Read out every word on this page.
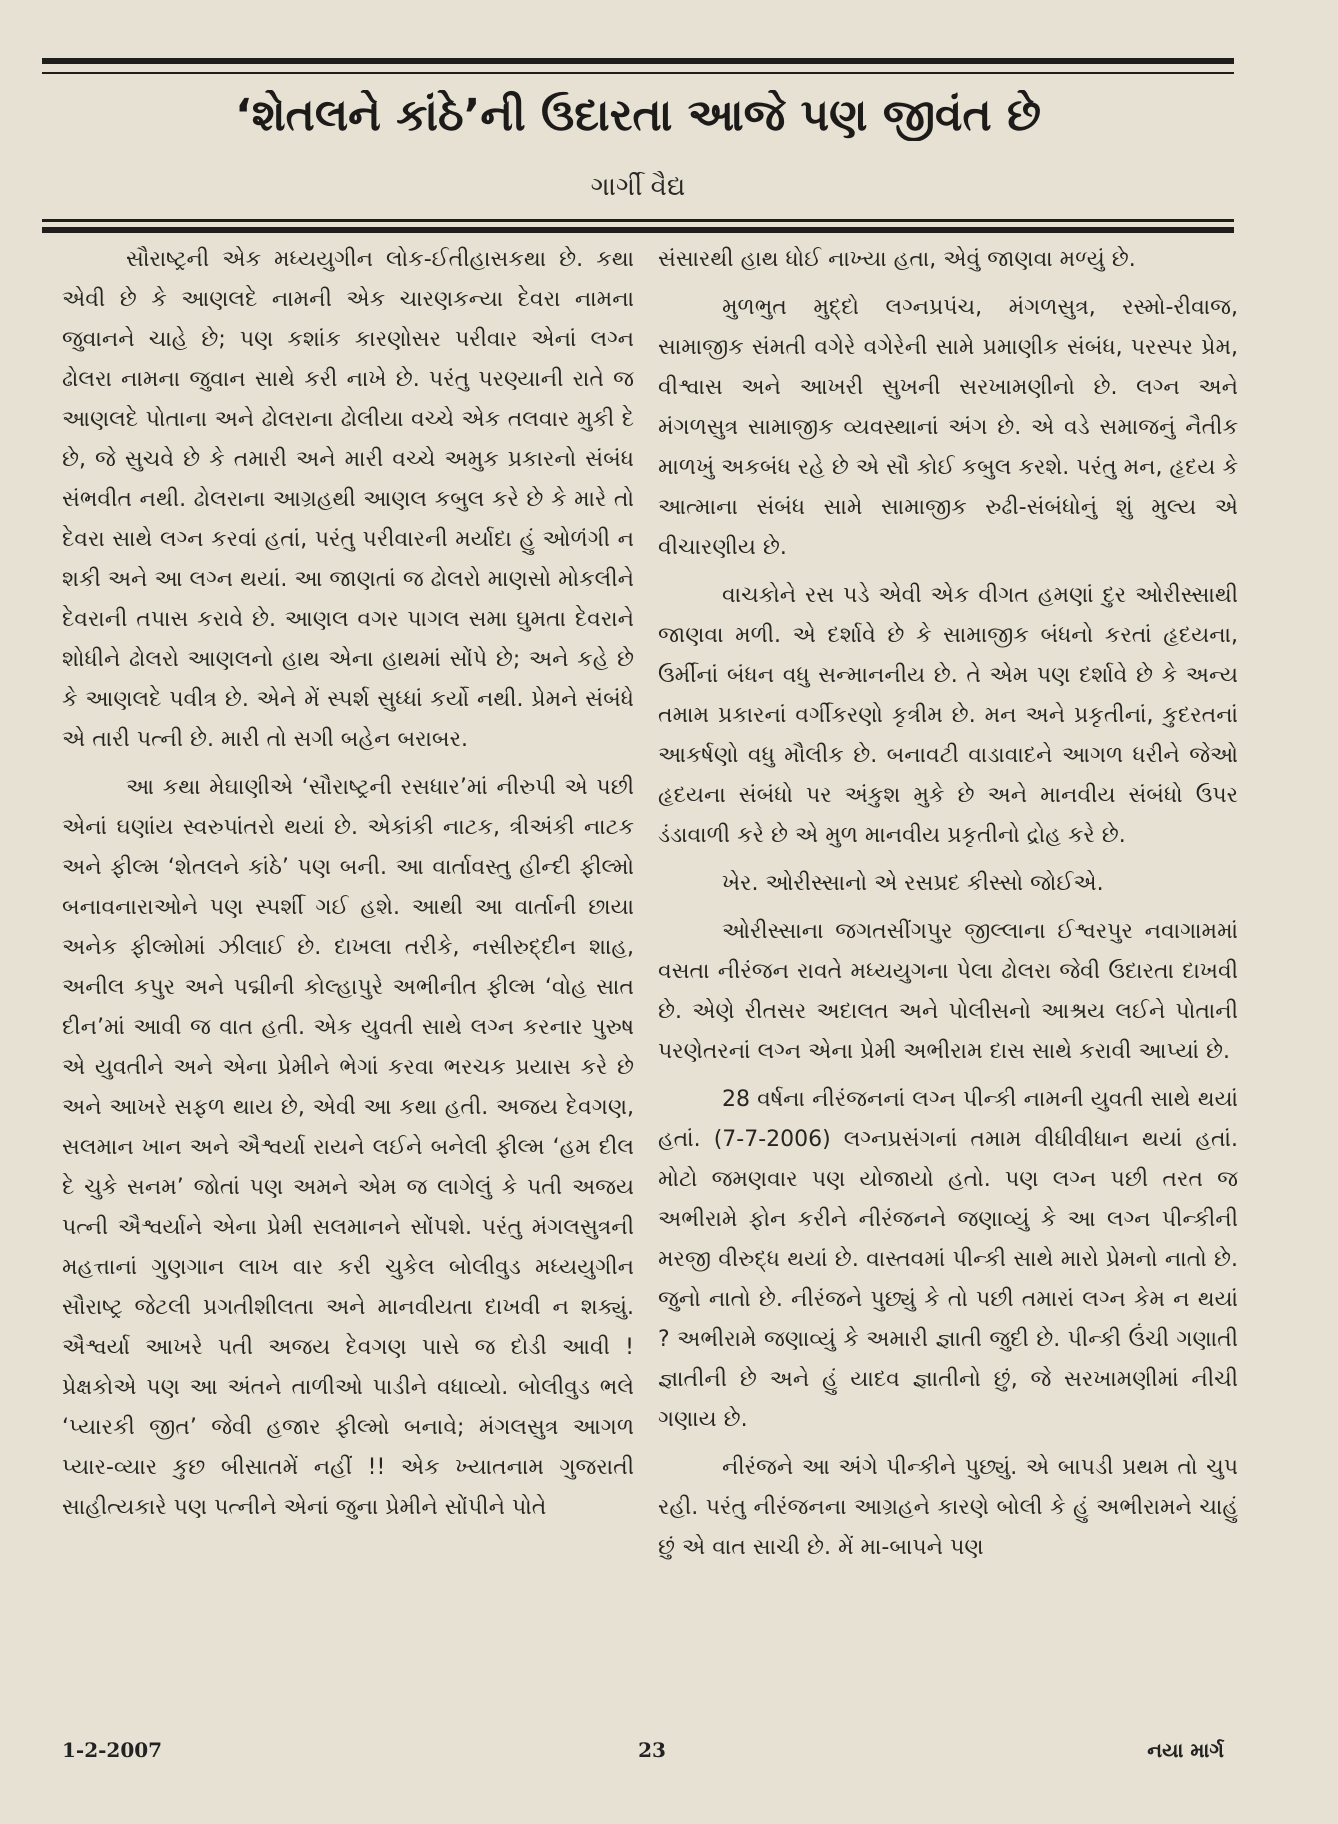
‘શેતલને કાંઠે’ની ઉદારતા આજે પણ જીવંત છે
ગાર્ગી વૈદ્ય

સૌરાષ્ટ્રની એક મધ્યયુગીન લોક-ઈતીહાસકથા છે. કથા એવી છે કે આણલદે નામની એક ચારણકન્યા દેવરા નામના જુવાનને ચાહે છે; પણ કશાંક કારણોસર પરીવાર એનાં લગ્ન ઢોલરા નામના જુવાન સાથે કરી નાખે છે. પરંતુ પરણ્યાની રાતે જ આણલદે પોતાના અને ઢોલરાના ઢોલીયા વચ્ચે એક તલવાર મુકી દે છે, જે સુચવે છે કે તમારી અને મારી વચ્ચે અમુક પ્રકારનો સંબંધ સંભવીત નથી. ઢોલરાના આગ્રહથી આણલ કબુલ કરે છે કે મારે તો દેવરા સાથે લગ્ન કરવાં હતાં, પરંતુ પરીવારની મર્યાદા હું ઓળંગી ન શકી અને આ લગ્ન થયાં. આ જાણતાં જ ઢોલરો માણસો મોકલીને દેવરાની તપાસ કરાવે છે. આણલ વગર પાગલ સમા ઘુમતા દેવરાને શોધીને ઢોલરો આણલનો હાથ એના હાથમાં સોંપે છે; અને કહે છે કે આણલદે પવીત્ર છે. એને મેં સ્પર્શ સુધ્ધાં કર્યો નથી. પ્રેમને સંબંધે એ તારી પત્ની છે. મારી તો સગી બહેન બરાબર.

આ કથા મેઘાણીએ ‘સૌરાષ્ટ્રની રસધાર’માં નીરુપી એ પછી એનાં ઘણાંય સ્વરુપાંતરો થયાં છે. એકાંકી નાટક, ત્રીઅંકી નાટક અને ફીલ્મ ‘શેતલને કાંઠે’ પણ બની. આ વાર્તાવસ્તુ હીન્દી ફીલ્મો બનાવનારાઓને પણ સ્પર્શી ગઈ હશે. આથી આ વાર્તાની છાયા અનેક ફીલ્મોમાં ઝીલાઈ છે. દાખલા તરીકે, નસીરુદ્દીન શાહ, અનીલ કપુર અને પદ્મીની કોલ્હાપુરે અભીનીત ફીલ્મ ‘વોહ સાત દીન’માં આવી જ વાત હતી. એક યુવતી સાથે લગ્ન કરનાર પુરુષ એ યુવતીને અને એના પ્રેમીને ભેગાં કરવા ભરચક પ્રયાસ કરે છે અને આખરે સફળ થાય છે, એવી આ કથા હતી. અજય દેવગણ, સલમાન ખાન અને ઐશ્વર્યા રાયને લઈને બનેલી ફીલ્મ ‘હમ દીલ દે ચુકે સનમ’ જોતાં પણ અમને એમ જ લાગેલું કે પતી અજય પત્ની ઐશ્વર્યાને એના પ્રેમી સલમાનને સોંપશે. પરંતુ મંગલસુત્રની મહત્તાનાં ગુણગાન લાખ વાર કરી ચુકેલ બોલીવુડ મધ્યયુગીન સૌરાષ્ટ્ર જેટલી પ્રગતીશીલતા અને માનવીયતા દાખવી ન શક્યું. ઐશ્વર્યા આખરે પતી અજય દેવગણ પાસે જ દોડી આવી ! પ્રેક્ષકોએ પણ આ અંતને તાળીઓ પાડીને વધાવ્યો. બોલીવુડ ભલે ‘પ્યારકી જીત’ જેવી હજાર ફીલ્મો બનાવે; મંગલસુત્ર આગળ પ્યાર-વ્યાર કુછ બીસાતમેં નહીં !! એક ખ્યાતનામ ગુજરાતી સાહીત્યકારે પણ પત્નીને એનાં જુના પ્રેમીને સોંપીને પોતે

સંસારથી હાથ ધોઈ નાખ્યા હતા, એવું જાણવા મળ્યું છે.

મુળભુત મુદ્દો લગ્નપ્રપંચ, મંગળસુત્ર, રસ્મો-રીવાજ, સામાજીક સંમતી વગેરે વગેરેની સામે પ્રમાણીક સંબંધ, પરસ્પર પ્રેમ, વીશ્વાસ અને આખરી સુખની સરખામણીનો છે. લગ્ન અને મંગળસુત્ર સામાજીક વ્યવસ્થાનાં અંગ છે. એ વડે સમાજનું નૈતીક માળખું અકબંધ રહે છે એ સૌ કોઈ કબુલ કરશે. પરંતુ મન, હૃદય કે આત્માના સંબંધ સામે સામાજીક રુઢી-સંબંધોનું શું મુલ્ય એ વીચારણીય છે.

વાચકોને રસ પડે એવી એક વીગત હમણાં દુર ઓરીસ્સાથી જાણવા મળી. એ દર્શાવે છે કે સામાજીક બંધનો કરતાં હૃદયના, ઉર્મીનાં બંધન વધુ સન્માનનીય છે. તે એમ પણ દર્શાવે છે કે અન્ય તમામ પ્રકારનાં વર્ગીકરણો કૃત્રીમ છે. મન અને પ્રકૃતીનાં, કુદરતનાં આકર્ષણો વધુ મૌલીક છે. બનાવટી વાડાવાદને આગળ ધરીને જેઓ હૃદયના સંબંધો પર અંકુશ મુકે છે અને માનવીય સંબંધો ઉપર ડંડાવાળી કરે છે એ મુળ માનવીય પ્રકૃતીનો દ્રોહ કરે છે.

ખેર. ઓરીસ્સાનો એ રસપ્રદ કીસ્સો જોઈએ.

ઓરીસ્સાના જગતસીંગપુર જીલ્લાના ઈશ્વરપુર નવાગામમાં વસતા નીરંજન રાવતે મધ્યયુગના પેલા ઢોલરા જેવી ઉદારતા દાખવી છે. એણે રીતસર અદાલત અને પોલીસનો આશ્રય લઈને પોતાની પરણેતરનાં લગ્ન એના પ્રેમી અભીરામ દાસ સાથે કરાવી આપ્યાં છે.

28 વર્ષના નીરંજનનાં લગ્ન પીન્કી નામની યુવતી સાથે થયાં હતાં. (7-7-2006) લગ્નપ્રસંગનાં તમામ વીધીવીધાન થયાં હતાં. મોટો જમણવાર પણ યોજાયો હતો. પણ લગ્ન પછી તરત જ અભીરામે ફોન કરીને નીરંજનને જણાવ્યું કે આ લગ્ન પીન્કીની મરજી વીરુદ્ધ થયાં છે. વાસ્તવમાં પીન્કી સાથે મારો પ્રેમનો નાતો છે. જુનો નાતો છે. નીરંજને પુછ્યું કે તો પછી તમારાં લગ્ન કેમ ન થયાં ? અભીરામે જણાવ્યું કે અમારી જ્ઞાતી જુદી છે. પીન્કી ઉંચી ગણાતી જ્ઞાતીની છે અને હું યાદવ જ્ઞાતીનો છું, જે સરખામણીમાં નીચી ગણાય છે.

નીરંજને આ અંગે પીન્કીને પુછ્યું. એ બાપડી પ્રથમ તો ચુપ રહી. પરંતુ નીરંજનના આગ્રહને કારણે બોલી કે હું અભીરામને ચાહું છું એ વાત સાચી છે. મેં મા-બાપને પણ

1-2-2007	23	નયા માર્ગ
